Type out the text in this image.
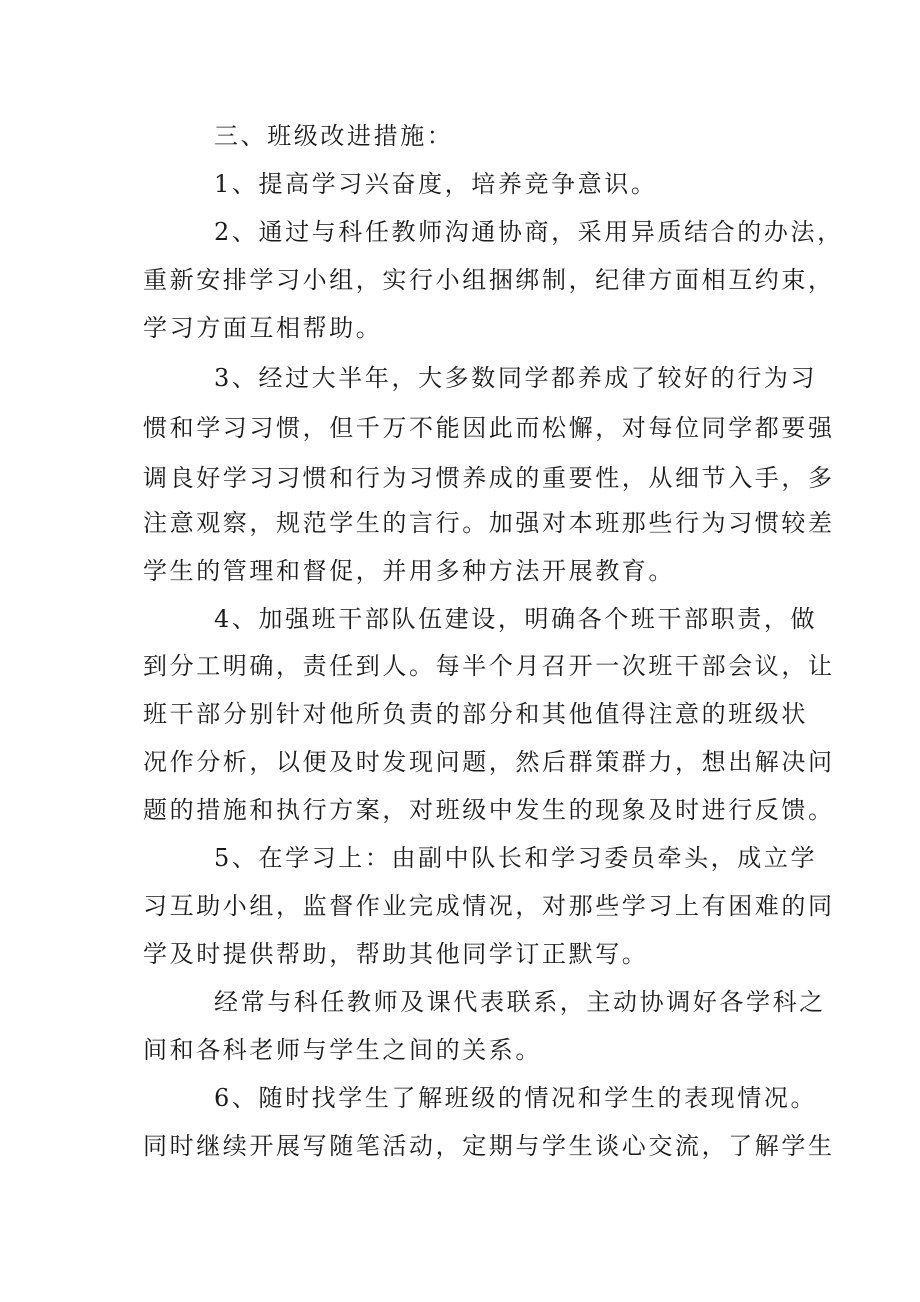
三、班级改进措施：
1、提高学习兴奋度，培养竞争意识。
2、通过与科任教师沟通协商，采用异质结合的办法，
重新安排学习小组，实行小组捆绑制，纪律方面相互约束，
学习方面互相帮助。
3、经过大半年，大多数同学都养成了较好的行为习
惯和学习习惯，但千万不能因此而松懈，对每位同学都要强
调良好学习习惯和行为习惯养成的重要性，从细节入手，多
注意观察，规范学生的言行。加强对本班那些行为习惯较差
学生的管理和督促，并用多种方法开展教育。
4、加强班干部队伍建设，明确各个班干部职责，做
到分工明确，责任到人。每半个月召开一次班干部会议，让
班干部分别针对他所负责的部分和其他值得注意的班级状
况作分析，以便及时发现问题，然后群策群力，想出解决问
题的措施和执行方案，对班级中发生的现象及时进行反馈。
5、在学习上：由副中队长和学习委员牵头，成立学
习互助小组，监督作业完成情况，对那些学习上有困难的同
学及时提供帮助，帮助其他同学订正默写。
经常与科任教师及课代表联系，主动协调好各学科之
间和各科老师与学生之间的关系。
6、随时找学生了解班级的情况和学生的表现情况。
同时继续开展写随笔活动，定期与学生谈心交流，了解学生
